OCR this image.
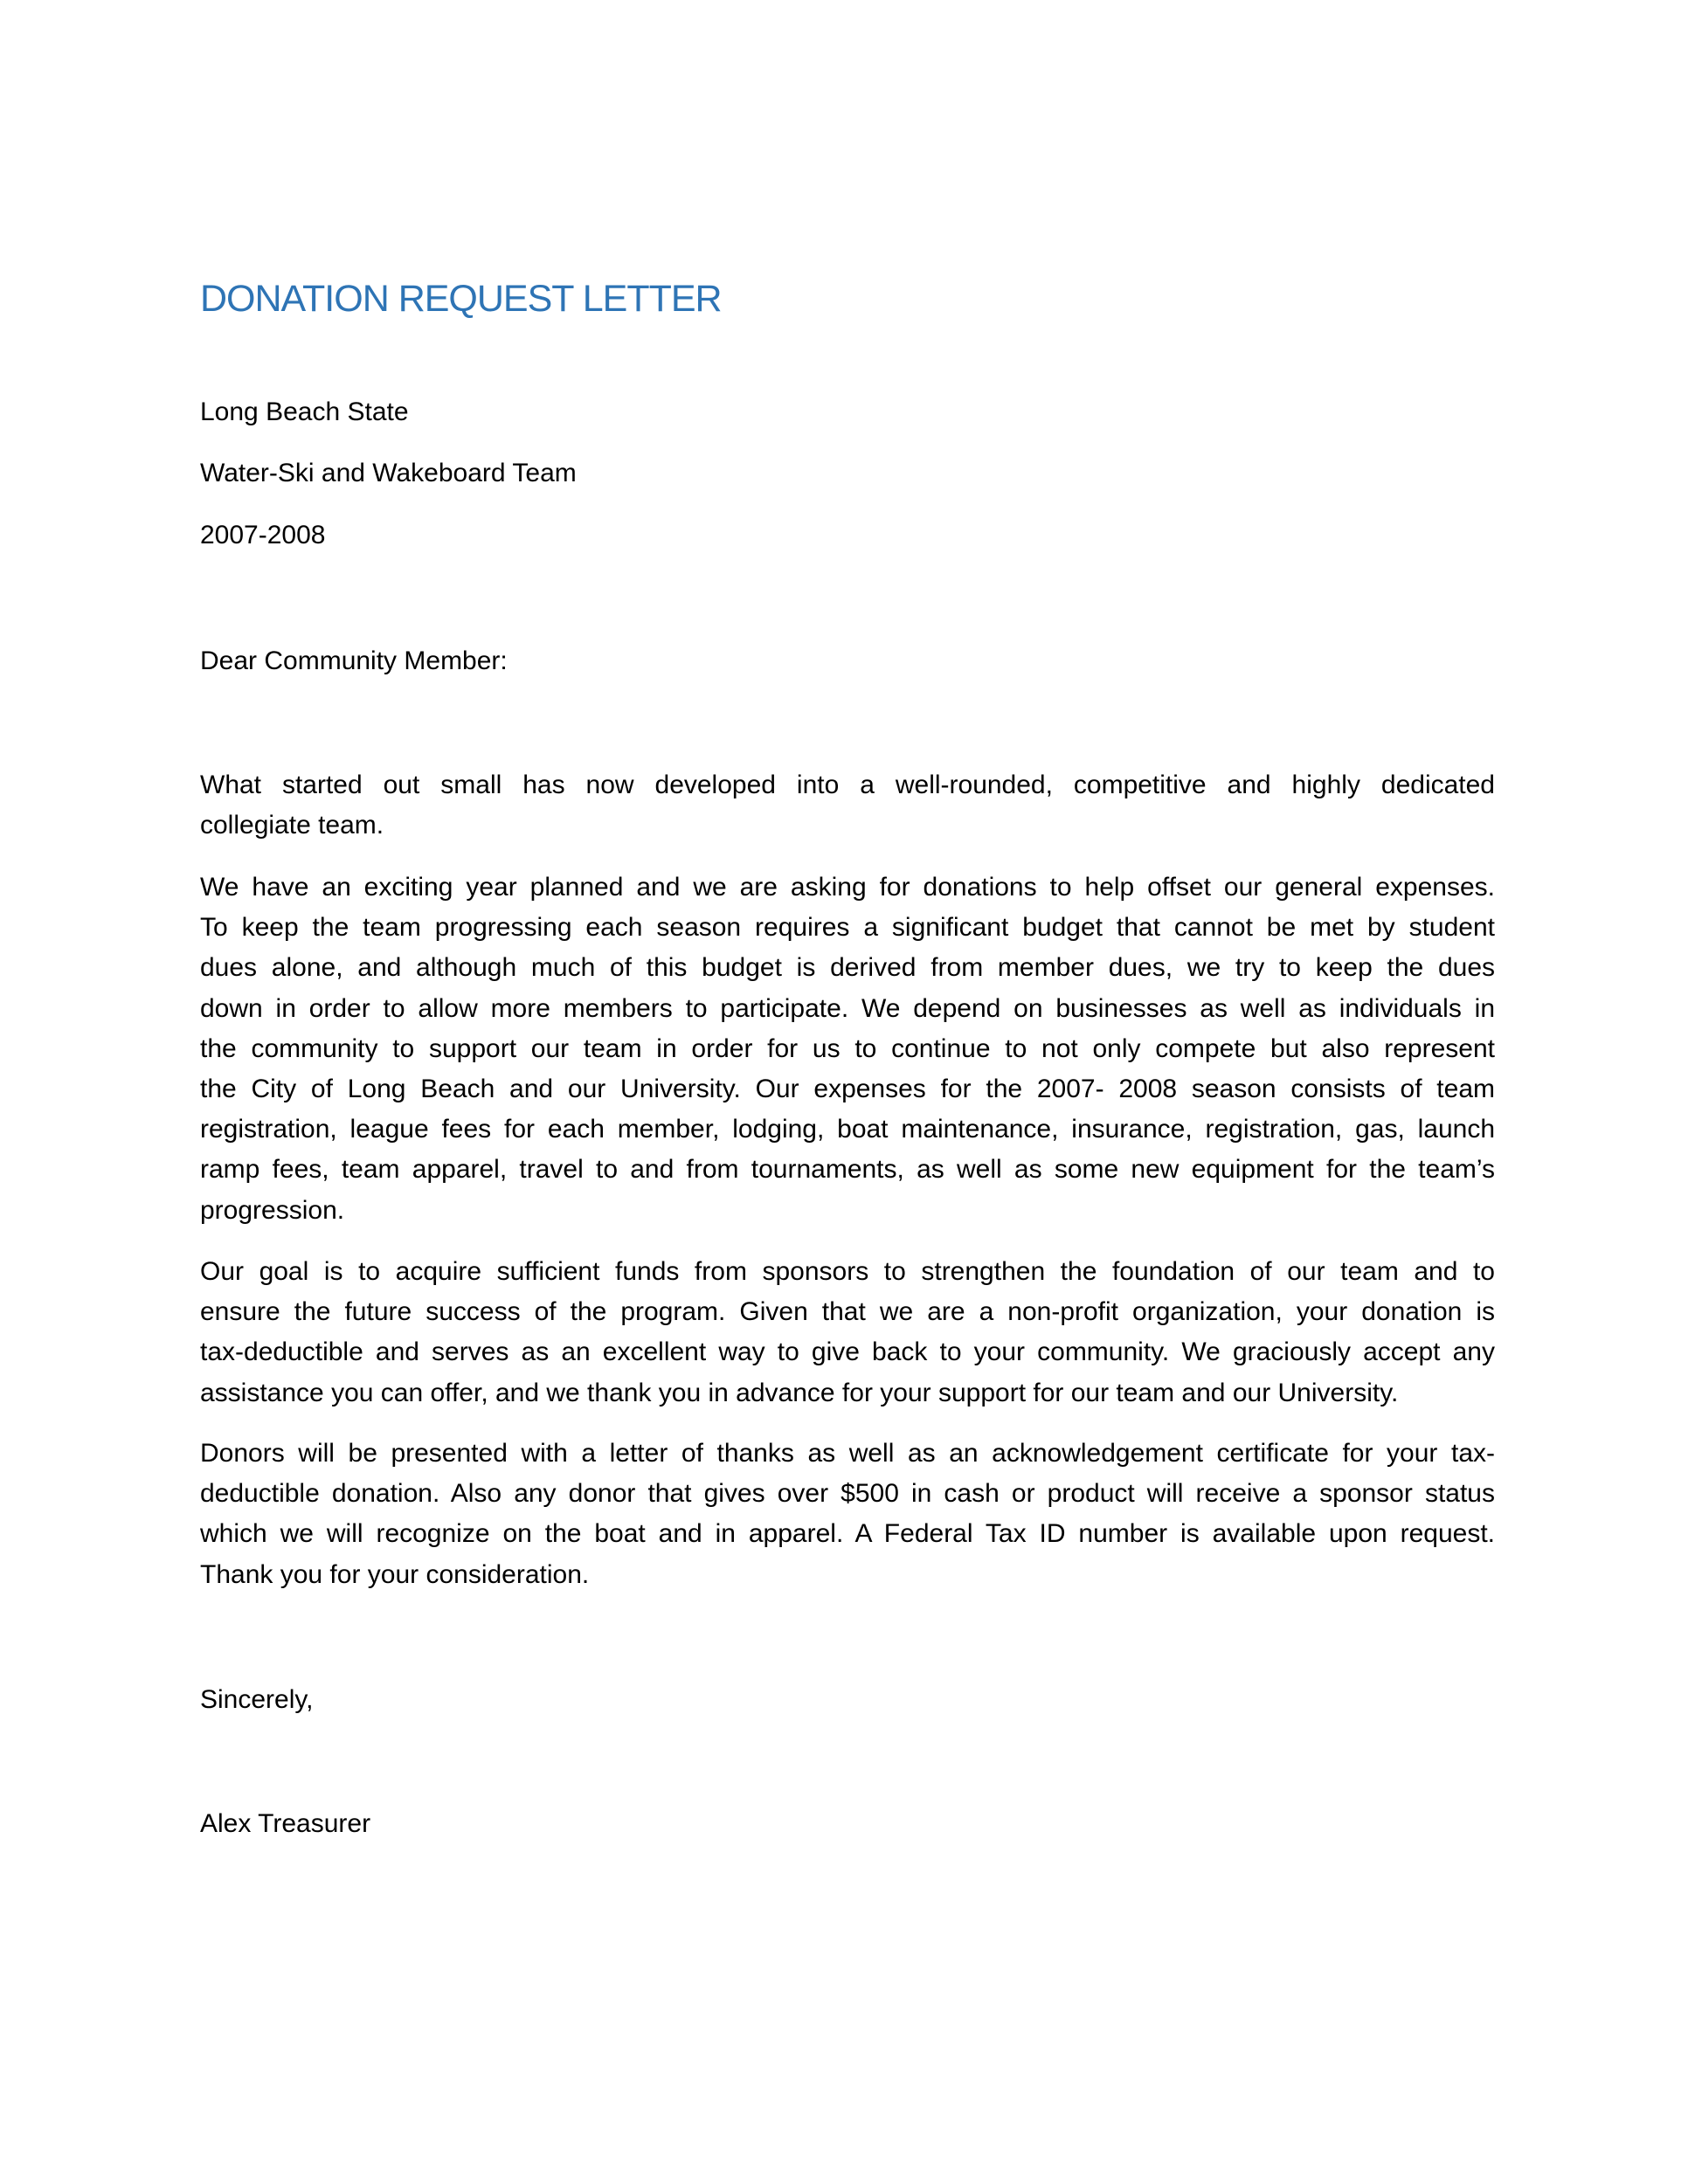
DONATION REQUEST LETTER
Long Beach State
Water-Ski and Wakeboard Team
2007-2008
Dear Community Member:
What started out small has now developed into a well-rounded, competitive and highly dedicated
collegiate team.
We have an exciting year planned and we are asking for donations to help offset our general expenses.
To keep the team progressing each season requires a significant budget that cannot be met by student
dues alone, and although much of this budget is derived from member dues, we try to keep the dues
down in order to allow more members to participate. We depend on businesses as well as individuals in
the community to support our team in order for us to continue to not only compete but also represent
the City of Long Beach and our University. Our expenses for the 2007- 2008 season consists of team
registration, league fees for each member, lodging, boat maintenance, insurance, registration, gas, launch
ramp fees, team apparel, travel to and from tournaments, as well as some new equipment for the team’s
progression.
Our goal is to acquire sufficient funds from sponsors to strengthen the foundation of our team and to
ensure the future success of the program. Given that we are a non-profit organization, your donation is
tax-deductible and serves as an excellent way to give back to your community. We graciously accept any
assistance you can offer, and we thank you in advance for your support for our team and our University.
Donors will be presented with a letter of thanks as well as an acknowledgement certificate for your tax-
deductible donation. Also any donor that gives over $500 in cash or product will receive a sponsor status
which we will recognize on the boat and in apparel. A Federal Tax ID number is available upon request.
Thank you for your consideration.
Sincerely,
Alex Treasurer
